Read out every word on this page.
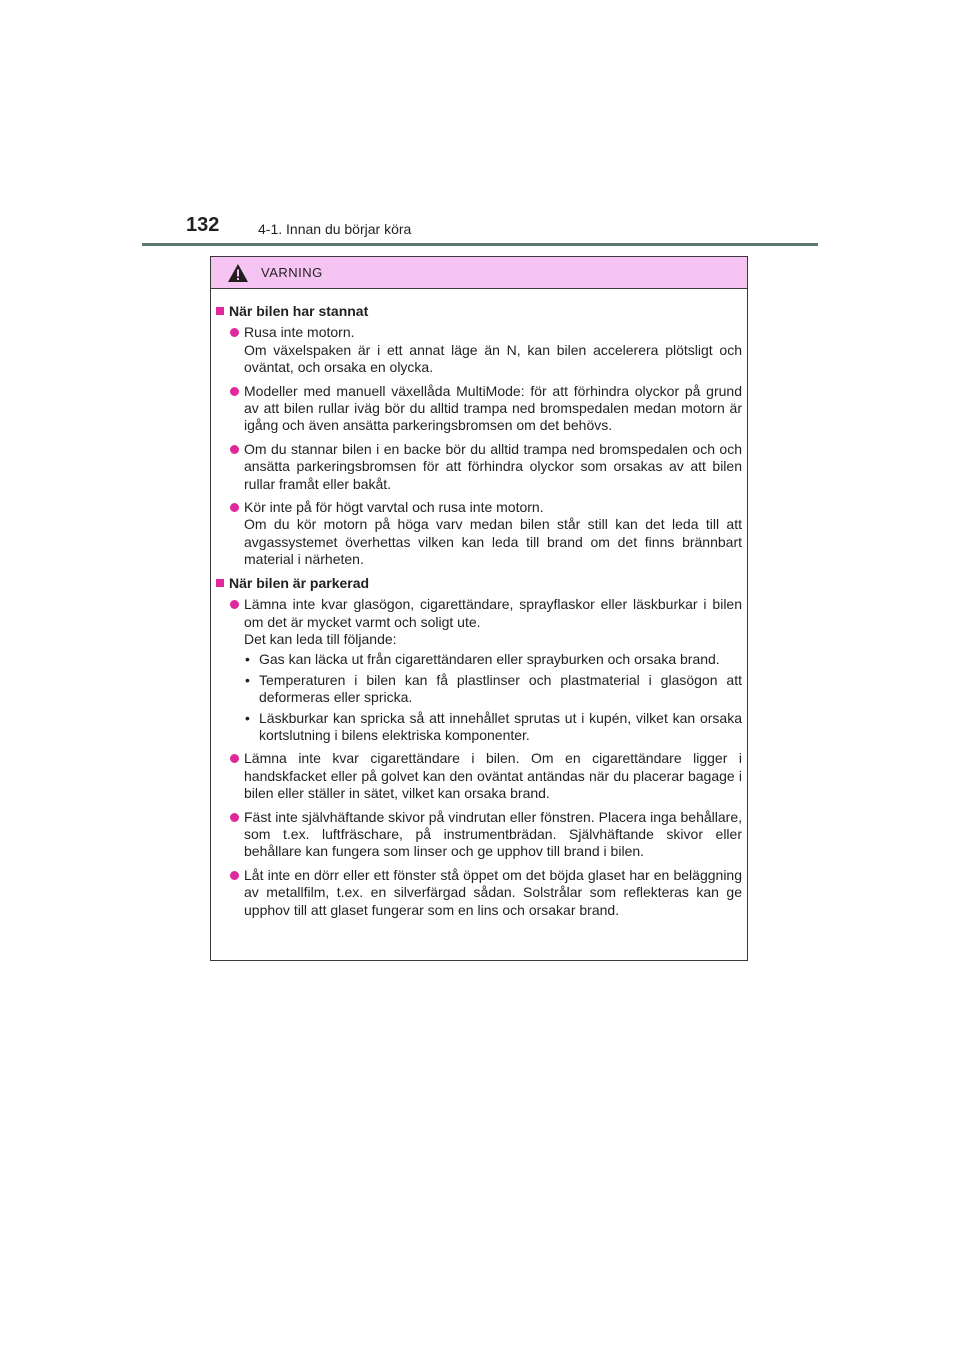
132	4-1. Innan du börjar köra
VARNING
När bilen har stannat

Rusa inte motorn.

Om växelspaken är i ett annat läge än N, kan bilen accelerera plötsligt och oväntat, och orsaka en olycka.

Modeller med manuell växellåda MultiMode: för att förhindra olyckor på grund av att bilen rullar iväg bör du alltid trampa ned bromspedalen medan motorn är igång och även ansätta parkeringsbromsen om det behövs.

Om du stannar bilen i en backe bör du alltid trampa ned bromspedalen och och ansätta parkeringsbromsen för att förhindra olyckor som orsakas av att bilen rullar framåt eller bakåt.

Kör inte på för högt varvtal och rusa inte motorn.

Om du kör motorn på höga varv medan bilen står still kan det leda till att avgassystemet överhettas vilken kan leda till brand om det finns brännbart material i närheten.

När bilen är parkerad

Lämna inte kvar glasögon, cigarettändare, sprayflaskor eller läskburkar i bilen om det är mycket varmt och soligt ute.

Det kan leda till följande:

• Gas kan läcka ut från cigarettändaren eller sprayburken och orsaka brand.
• Temperaturen i bilen kan få plastlinser och plastmaterial i glasögon att deformeras eller spricka.
• Läskburkar kan spricka så att innehållet sprutas ut i kupén, vilket kan orsaka kortslutning i bilens elektriska komponenter.

Lämna inte kvar cigarettändare i bilen. Om en cigarettändare ligger i handskfacket eller på golvet kan den oväntat antändas när du placerar bagage i bilen eller ställer in sätet, vilket kan orsaka brand.

Fäst inte självhäftande skivor på vindrutan eller fönstren. Placera inga behållare, som t.ex. luftfräschare, på instrumentbrädan. Självhäftande skivor eller behållare kan fungera som linser och ge upphov till brand i bilen.

Låt inte en dörr eller ett fönster stå öppet om det böjda glaset har en beläggning av metallfilm, t.ex. en silverfärgad sådan. Solstrålar som reflekteras kan ge upphov till att glaset fungerar som en lins och orsakar brand.
